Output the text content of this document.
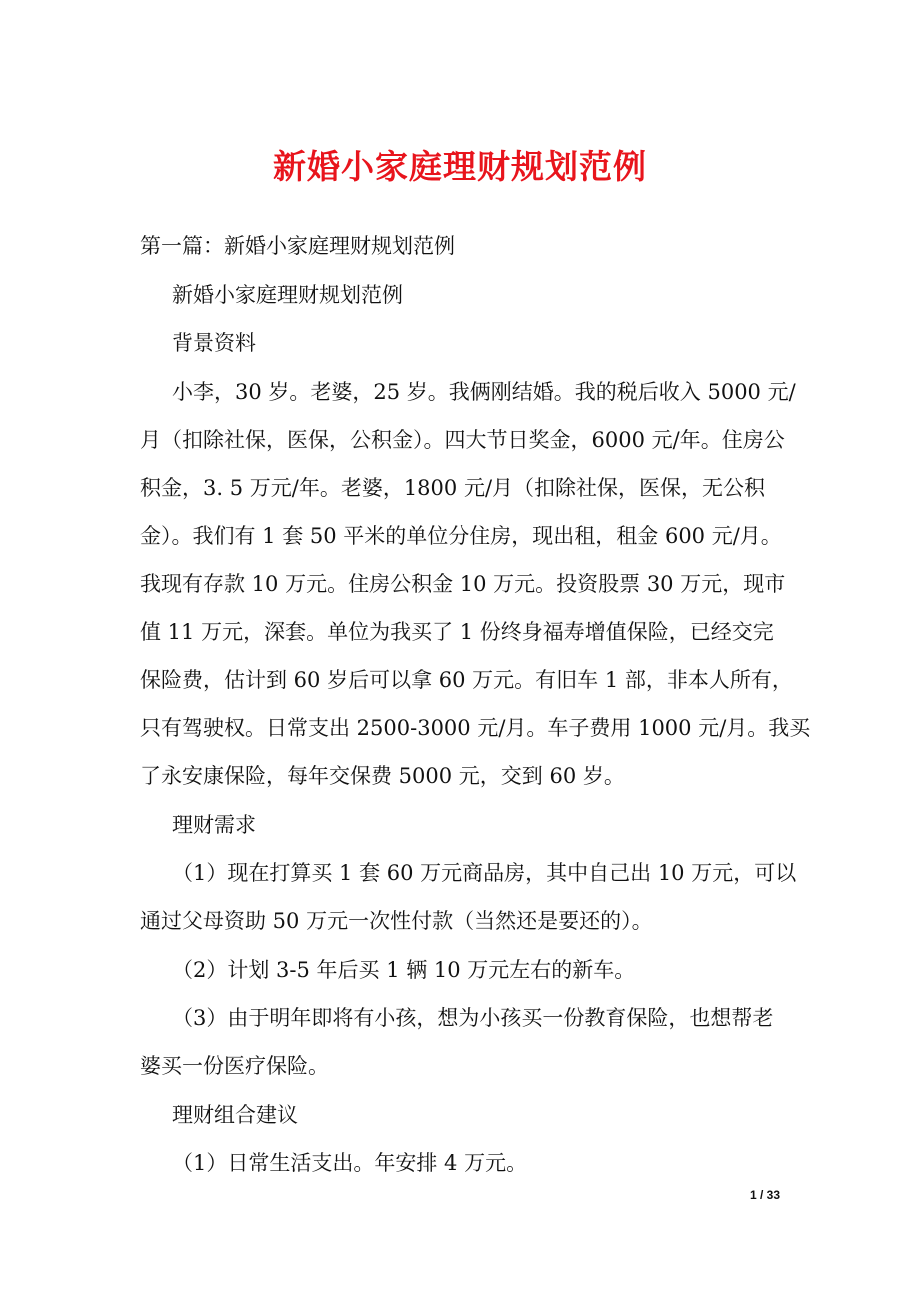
新婚小家庭理财规划范例
第一篇：新婚小家庭理财规划范例
新婚小家庭理财规划范例
背景资料
小李，30 岁。老婆，25 岁。我俩刚结婚。我的税后收入 5000 元/
月（扣除社保，医保，公积金）。四大节日奖金，6000 元/年。住房公
积金，3. 5 万元/年。老婆，1800 元/月（扣除社保，医保，无公积
金）。我们有 1 套 50 平米的单位分住房，现出租，租金 600 元/月。
我现有存款 10 万元。住房公积金 10 万元。投资股票 30 万元，现市
值 11 万元，深套。单位为我买了 1 份终身福寿增值保险，已经交完
保险费，估计到 60 岁后可以拿 60 万元。有旧车 1 部，非本人所有，
只有驾驶权。日常支出 2500-3000 元/月。车子费用 1000 元/月。我买
了永安康保险，每年交保费 5000 元，交到 60 岁。
理财需求
（1）现在打算买 1 套 60 万元商品房，其中自己出 10 万元，可以
通过父母资助 50 万元一次性付款（当然还是要还的）。
（2）计划 3-5 年后买 1 辆 10 万元左右的新车。
（3）由于明年即将有小孩，想为小孩买一份教育保险，也想帮老
婆买一份医疗保险。
理财组合建议
（1）日常生活支出。年安排 4 万元。
1 / 33
